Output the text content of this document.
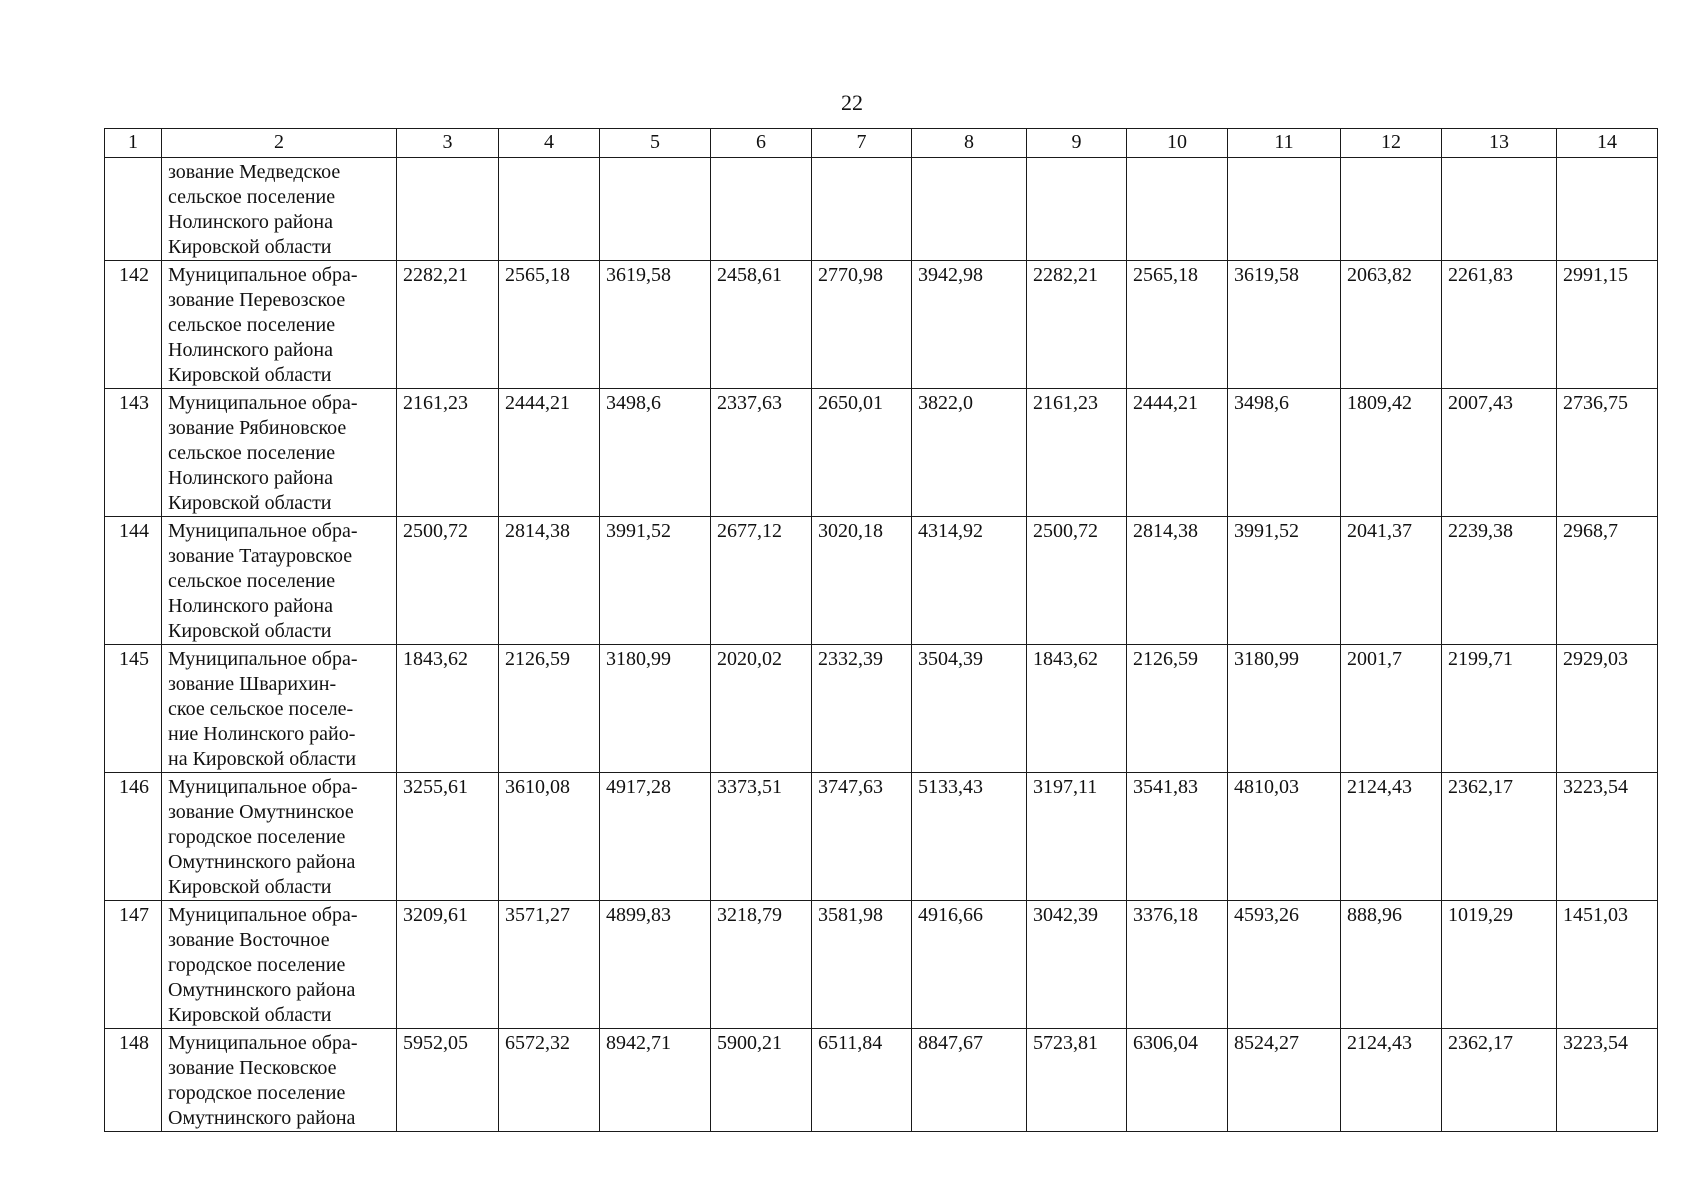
22
1	2	3	4	5	6	7	8	9	10	11	12	13	14

	зование Медведское
сельское поселение
Нолинского района
Кировской области												

142	Муниципальное обра-
зование Перевозское
сельское поселение
Нолинского района
Кировской области	2282,21	2565,18	3619,58	2458,61	2770,98	3942,98	2282,21	2565,18	3619,58	2063,82	2261,83	2991,15
143	Муниципальное обра-
зование Рябиновское
сельское поселение
Нолинского района
Кировской области	2161,23	2444,21	3498,6	2337,63	2650,01	3822,0	2161,23	2444,21	3498,6	1809,42	2007,43	2736,75
144	Муниципальное обра-
зование Татауровское
сельское поселение
Нолинского района
Кировской области	2500,72	2814,38	3991,52	2677,12	3020,18	4314,92	2500,72	2814,38	3991,52	2041,37	2239,38	2968,7
145	Муниципальное обра-
зование Шварихин-
ское сельское поселе-
ние Нолинского райо-
на Кировской области	1843,62	2126,59	3180,99	2020,02	2332,39	3504,39	1843,62	2126,59	3180,99	2001,7	2199,71	2929,03
146	Муниципальное обра-
зование Омутнинское
городское поселение
Омутнинского района
Кировской области	3255,61	3610,08	4917,28	3373,51	3747,63	5133,43	3197,11	3541,83	4810,03	2124,43	2362,17	3223,54
147	Муниципальное обра-
зование Восточное
городское поселение
Омутнинского района
Кировской области	3209,61	3571,27	4899,83	3218,79	3581,98	4916,66	3042,39	3376,18	4593,26	888,96	1019,29	1451,03
148	Муниципальное обра-
зование Песковское
городское поселение
Омутнинского района	5952,05	6572,32	8942,71	5900,21	6511,84	8847,67	5723,81	6306,04	8524,27	2124,43	2362,17	3223,54
